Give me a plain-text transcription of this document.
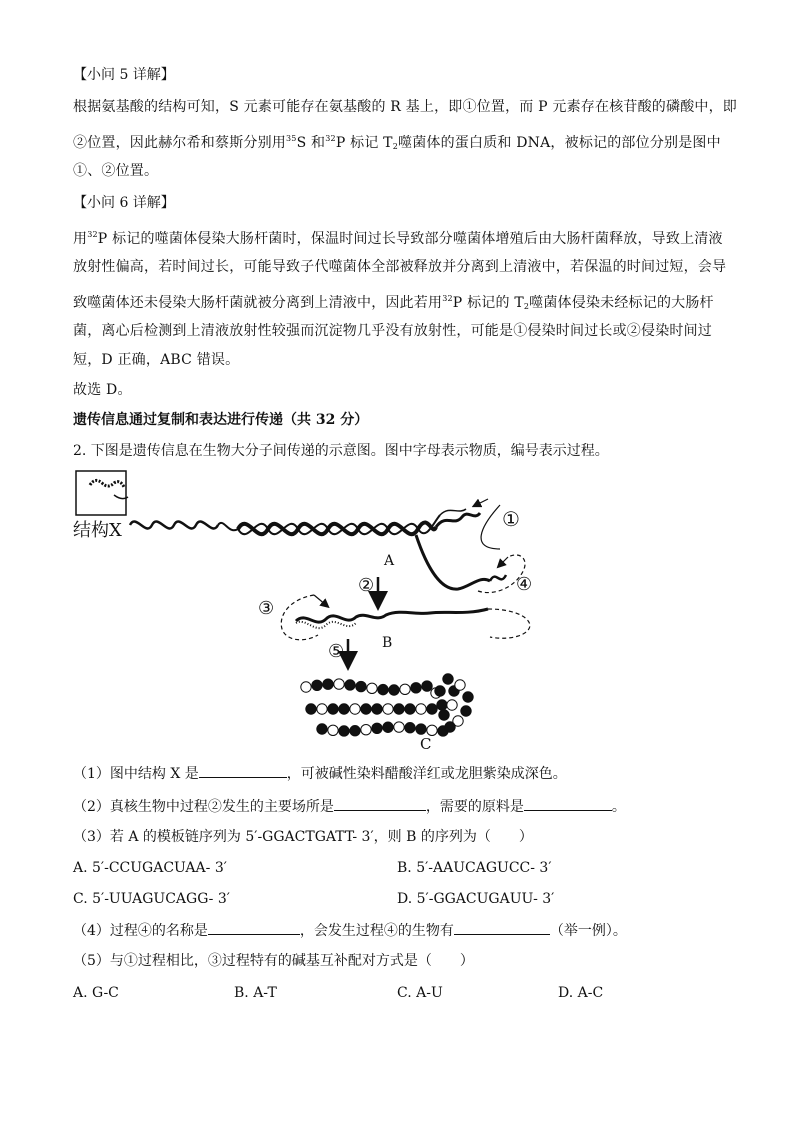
【小问 5 详解】
根据氨基酸的结构可知，S 元素可能存在氨基酸的 R 基上，即①位置，而 P 元素存在核苷酸的磷酸中，即
②位置，因此赫尔希和蔡斯分别用$^{35}$S 和$^{32}$P 标记 $T_2$噬菌体的蛋白质和 DNA，被标记的部位分别是图中
①、②位置。
【小问 6 详解】
用$^{32}$P 标记的噬菌体侵染大肠杆菌时，保温时间过长导致部分噬菌体增殖后由大肠杆菌释放，导致上清液
放射性偏高，若时间过长，可能导致子代噬菌体全部被释放并分离到上清液中，若保温的时间过短，会导
致噬菌体还未侵染大肠杆菌就被分离到上清液中，因此若用$^{32}$P 标记的 $T_2$噬菌体侵染未经标记的大肠杆
菌，离心后检测到上清液放射性较强而沉淀物几乎没有放射性，可能是①侵染时间过长或②侵染时间过
短，D 正确，ABC 错误。
故选 D。
遗传信息通过复制和表达进行传递（共 32 分）
2. 下图是遗传信息在生物大分子间传递的示意图。图中字母表示物质，编号表示过程。
结构X
A
B
C
①
②
③
④
⑤
（1）图中结构 X 是	，可被碱性染料醋酸洋红或龙胆紫染成深色。
（2）真核生物中过程②发生的主要场所是	，需要的原料是	。
（3）若 A 的模板链序列为 5′-GGACTGATT- 3′，则 B 的序列为（　　）
A. 5′-CCUGACUAA- 3′	B. 5′-AAUCAGUCC- 3′
C. 5′-UUAGUCAGG- 3′	D. 5′-GGACUGAUU- 3′
（4）过程④的名称是	，会发生过程④的生物有	（举一例）。
（5）与①过程相比，③过程特有的碱基互补配对方式是（　　）
A. G-C	B. A-T	C. A-U	D. A-C
